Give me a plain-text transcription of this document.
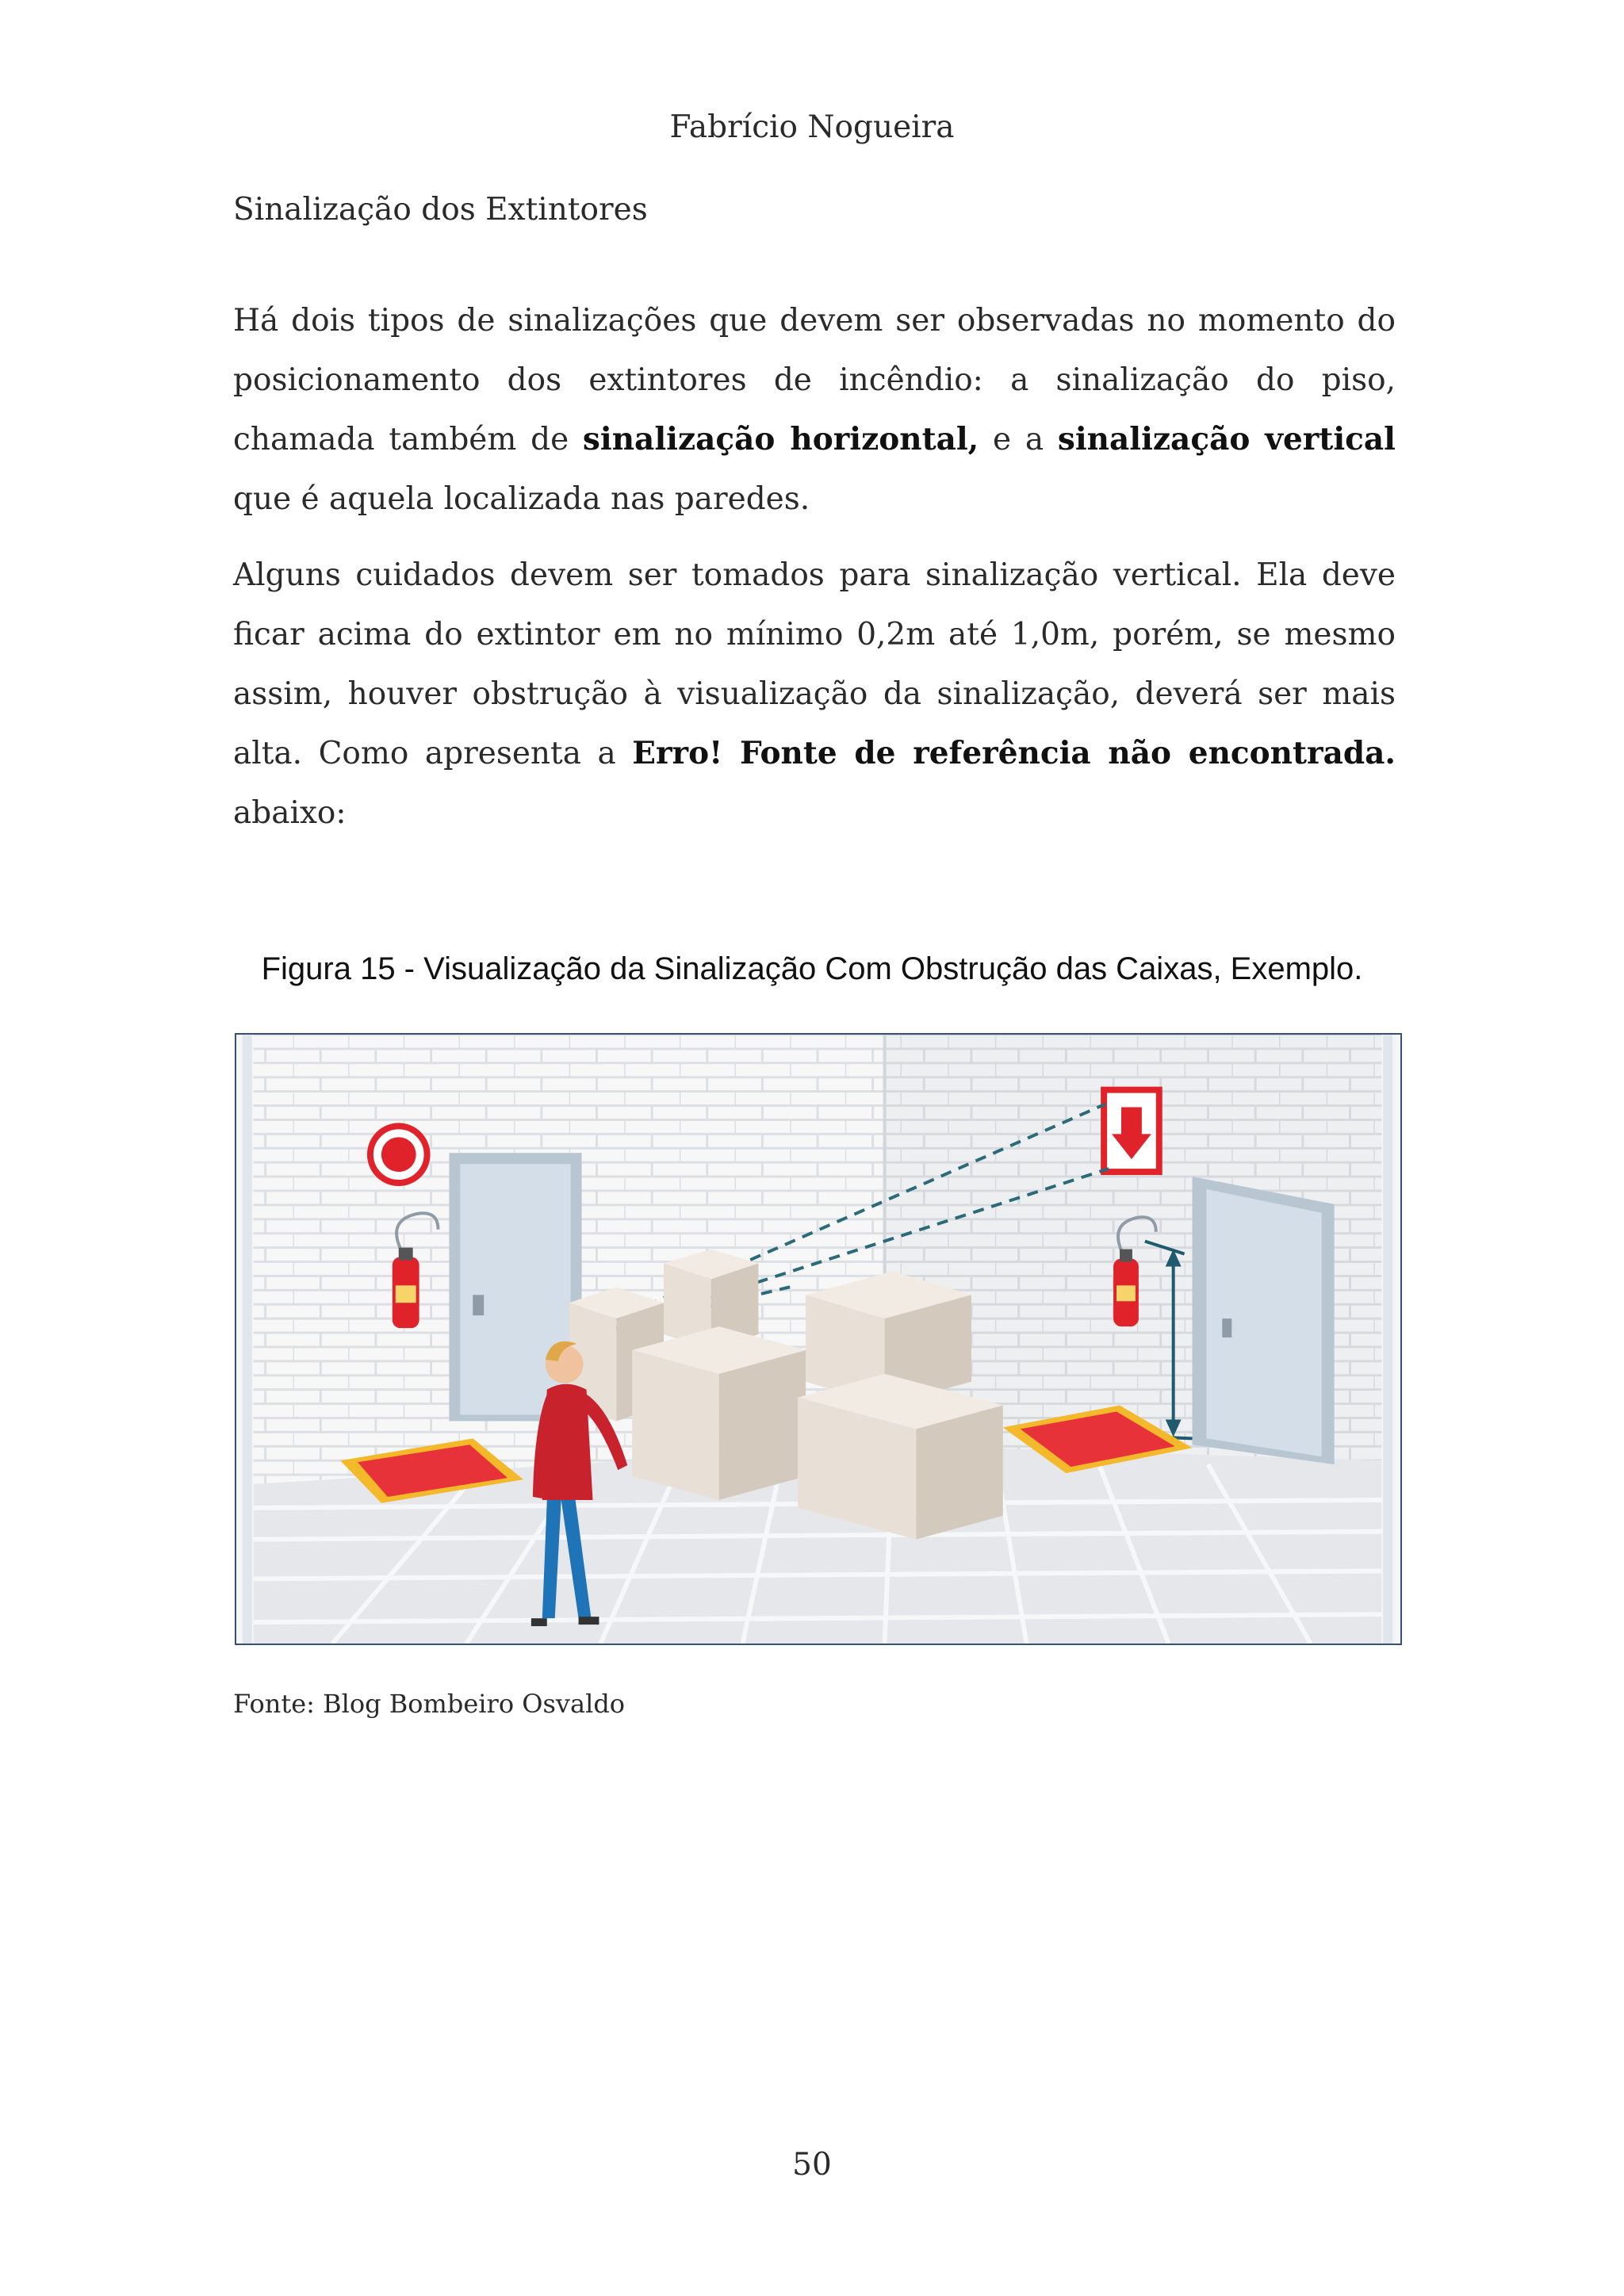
Fabrício Nogueira
Sinalização dos Extintores

Há dois tipos de sinalizações que devem ser observadas no momento do posicionamento dos extintores de incêndio: a sinalização do piso, chamada também de sinalização horizontal, e a sinalização vertical que é aquela localizada nas paredes.

Alguns cuidados devem ser tomados para sinalização vertical. Ela deve ficar acima do extintor em no mínimo 0,2m até 1,0m, porém, se mesmo assim, houver obstrução à visualização da sinalização, deverá ser mais alta. Como apresenta a Erro! Fonte de referência não encontrada. abaixo:

Figura 15 - Visualização da Sinalização Com Obstrução das Caixas, Exemplo.
Fonte: Blog Bombeiro Osvaldo
50
